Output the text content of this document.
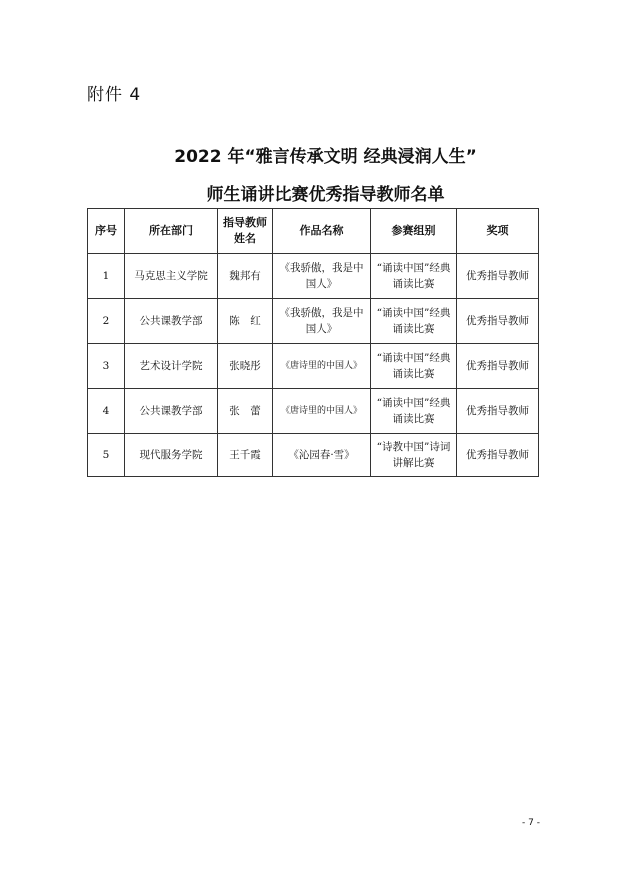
附件 4
2022 年“雅言传承文明 经典浸润人生”
师生诵讲比赛优秀指导教师名单
序号	所在部门	指导教师姓名	作品名称	参赛组别	奖项
1	马克思主义学院	魏邦有	《我骄傲，我是中国人》	“诵读中国”经典诵读比赛	优秀指导教师
2	公共课教学部	陈　红	《我骄傲，我是中国人》	“诵读中国”经典诵读比赛	优秀指导教师
3	艺术设计学院	张晓彤	《唐诗里的中国人》	“诵读中国”经典诵读比赛	优秀指导教师
4	公共课教学部	张　蕾	《唐诗里的中国人》	“诵读中国”经典诵读比赛	优秀指导教师
5	现代服务学院	王千霞	《沁园春·雪》	“诗教中国”诗词讲解比赛	优秀指导教师
- 7 -
